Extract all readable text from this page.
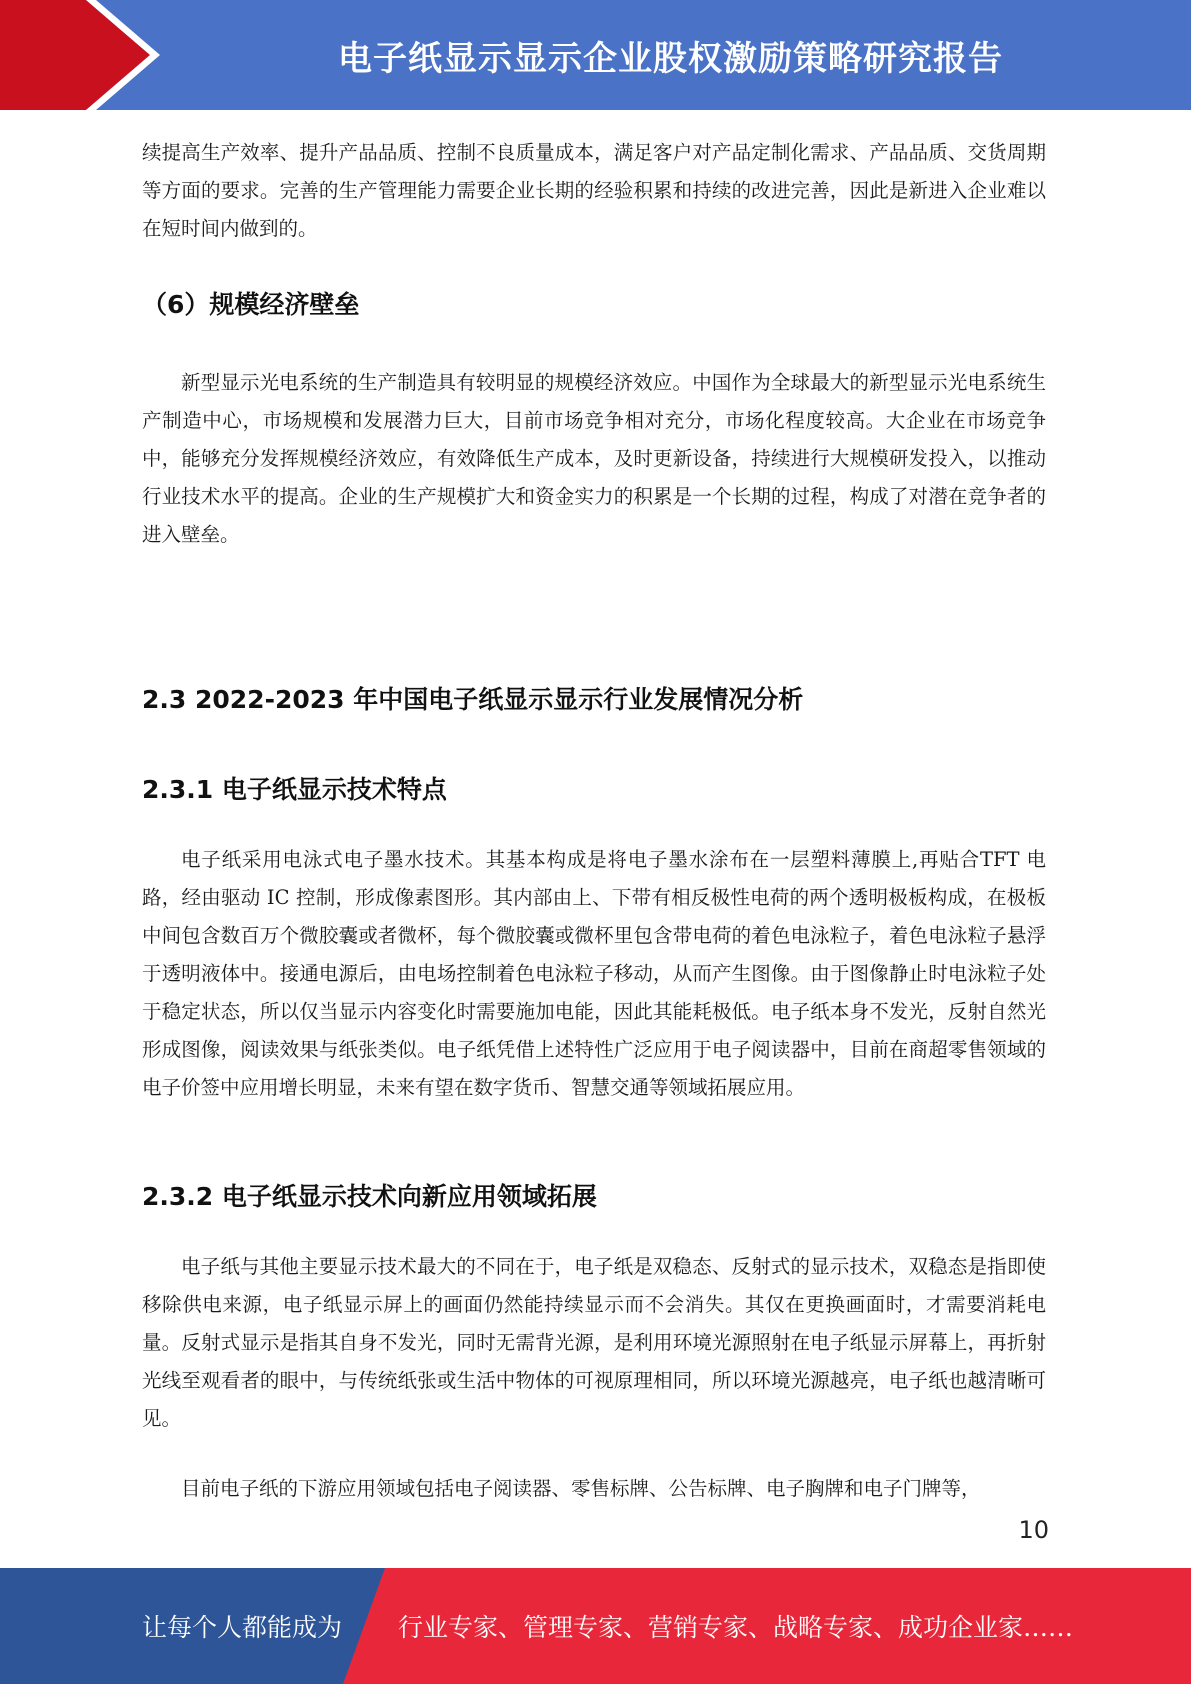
电子纸显示显示企业股权激励策略研究报告

续提高生产效率、提升产品品质、控制不良质量成本，满足客户对产品定制化需求、产品品质、交货周期等方面的要求。完善的生产管理能力需要企业长期的经验积累和持续的改进完善，因此是新进入企业难以在短时间内做到的。

（6）规模经济壁垒

新型显示光电系统的生产制造具有较明显的规模经济效应。中国作为全球最大的新型显示光电系统生产制造中心，市场规模和发展潜力巨大，目前市场竞争相对充分，市场化程度较高。大企业在市场竞争中，能够充分发挥规模经济效应，有效降低生产成本，及时更新设备，持续进行大规模研发投入，以推动行业技术水平的提高。企业的生产规模扩大和资金实力的积累是一个长期的过程，构成了对潜在竞争者的进入壁垒。

2.3 2022-2023 年中国电子纸显示显示行业发展情况分析
2.3.1 电子纸显示技术特点

电子纸采用电泳式电子墨水技术。其基本构成是将电子墨水涂布在一层塑料薄膜上,再贴合TFT 电路，经由驱动 IC 控制，形成像素图形。其内部由上、下带有相反极性电荷的两个透明极板构成，在极板中间包含数百万个微胶囊或者微杯，每个微胶囊或微杯里包含带电荷的着色电泳粒子，着色电泳粒子悬浮于透明液体中。接通电源后，由电场控制着色电泳粒子移动，从而产生图像。由于图像静止时电泳粒子处于稳定状态，所以仅当显示内容变化时需要施加电能，因此其能耗极低。电子纸本身不发光，反射自然光形成图像，阅读效果与纸张类似。电子纸凭借上述特性广泛应用于电子阅读器中，目前在商超零售领域的电子价签中应用增长明显，未来有望在数字货币、智慧交通等领域拓展应用。

2.3.2 电子纸显示技术向新应用领域拓展

电子纸与其他主要显示技术最大的不同在于，电子纸是双稳态、反射式的显示技术，双稳态是指即使移除供电来源，电子纸显示屏上的画面仍然能持续显示而不会消失。其仅在更换画面时，才需要消耗电量。反射式显示是指其自身不发光，同时无需背光源，是利用环境光源照射在电子纸显示屏幕上，再折射光线至观看者的眼中，与传统纸张或生活中物体的可视原理相同，所以环境光源越亮，电子纸也越清晰可见。

目前电子纸的下游应用领域包括电子阅读器、零售标牌、公告标牌、电子胸牌和电子门牌等，

10
让每个人都能成为 行业专家、管理专家、营销专家、战略专家、成功企业家……
